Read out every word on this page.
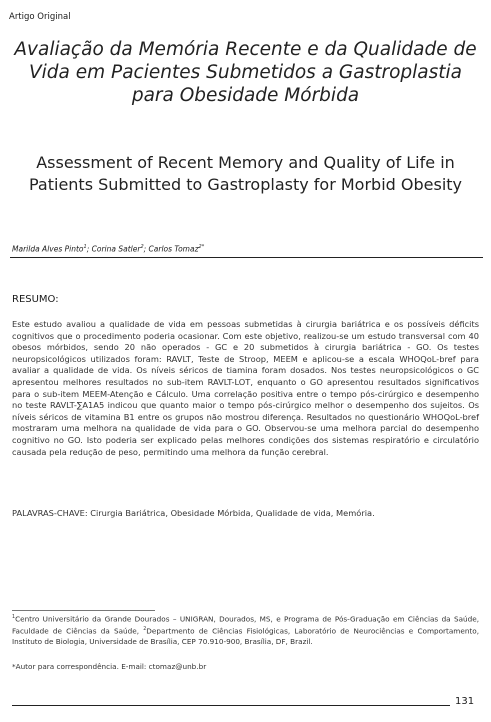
Artigo Original
Avaliação da Memória Recente e da Qualidade de Vida em Pacientes Submetidos a Gastroplastia para Obesidade Mórbida
Assessment of Recent Memory and Quality of Life in Patients Submitted to Gastroplasty for Morbid Obesity
Marilda Alves Pinto$^1$; Corina Satler$^2$; Carlos Tomaz$^{2*}$
RESUMO:
Este estudo avaliou a qualidade de vida em pessoas submetidas à cirurgia bariátrica e os possíveis déficits cognitivos que o procedimento poderia ocasionar. Com este objetivo, realizou-se um estudo transversal com 40 obesos mórbidos, sendo 20 não operados - GC e 20 submetidos à cirurgia bariátrica - GO. Os testes neuropsicológicos utilizados foram: RAVLT, Teste de Stroop, MEEM e aplicou-se a escala WHOQoL-bref para avaliar a qualidade de vida. Os níveis séricos de tiamina foram dosados. Nos testes neuropsicológicos o GC apresentou melhores resultados no sub-item RAVLT-LOT, enquanto o GO apresentou resultados significativos para o sub-item MEEM-Atenção e Cálculo. Uma correlação positiva entre o tempo pós-cirúrgico e desempenho no teste RAVLT-∑A1A5 indicou que quanto maior o tempo pós-cirúrgico melhor o desempenho dos sujeitos. Os níveis séricos de vitamina B1 entre os grupos não mostrou diferença. Resultados no questionário WHOQoL-bref mostraram uma melhora na qualidade de vida para o GO. Observou-se uma melhora parcial do desempenho cognitivo no GO. Isto poderia ser explicado pelas melhores condições dos sistemas respiratório e circulatório causada pela redução de peso, permitindo uma melhora da função cerebral.
PALAVRAS-CHAVE: Cirurgia Bariátrica, Obesidade Mórbida, Qualidade de vida, Memória.
$^1$Centro Universitário da Grande Dourados – UNIGRAN, Dourados, MS, e Programa de Pós-Graduação em Ciências da Saúde, Faculdade de Ciências da Saúde, $^2$Departmento de Ciências Fisiológicas, Laboratório de Neurociências e Comportamento, Instituto de Biologia, Universidade de Brasília, CEP 70.910-900, Brasília, DF, Brazil.
*Autor para correspondência. E-mail: ctomaz@unb.br
131
